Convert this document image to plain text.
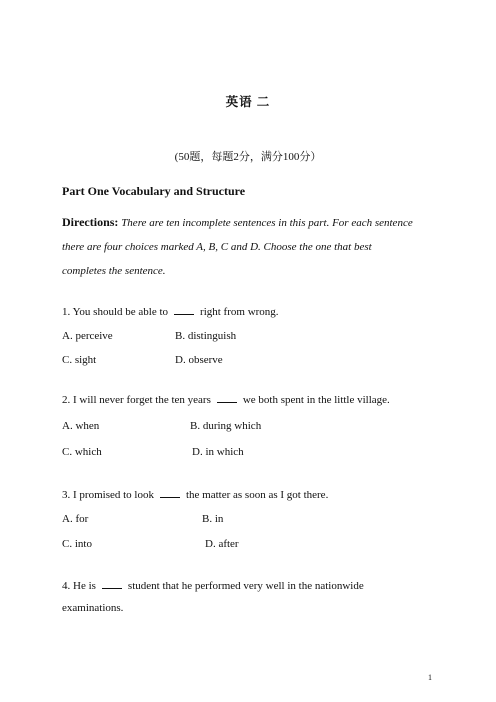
英语 二
(50题，每题2分，满分100分）
Part One Vocabulary and Structure
Directions: There are ten incomplete sentences in this part. For each sentence
there are four choices marked A, B, C and D. Choose the one that best
completes the sentence.
1. You should be able to	right from wrong.
A. perceive	B. distinguish
C. sight	D. observe
2. I will never forget the ten years	we both spent in the little village.
A. when	B. during which
C. which	D. in which
3. I promised to look	the matter as soon as I got there.
A. for	B. in
C. into	D. after
4. He is	student that he performed very well in the nationwide
examinations.
1
